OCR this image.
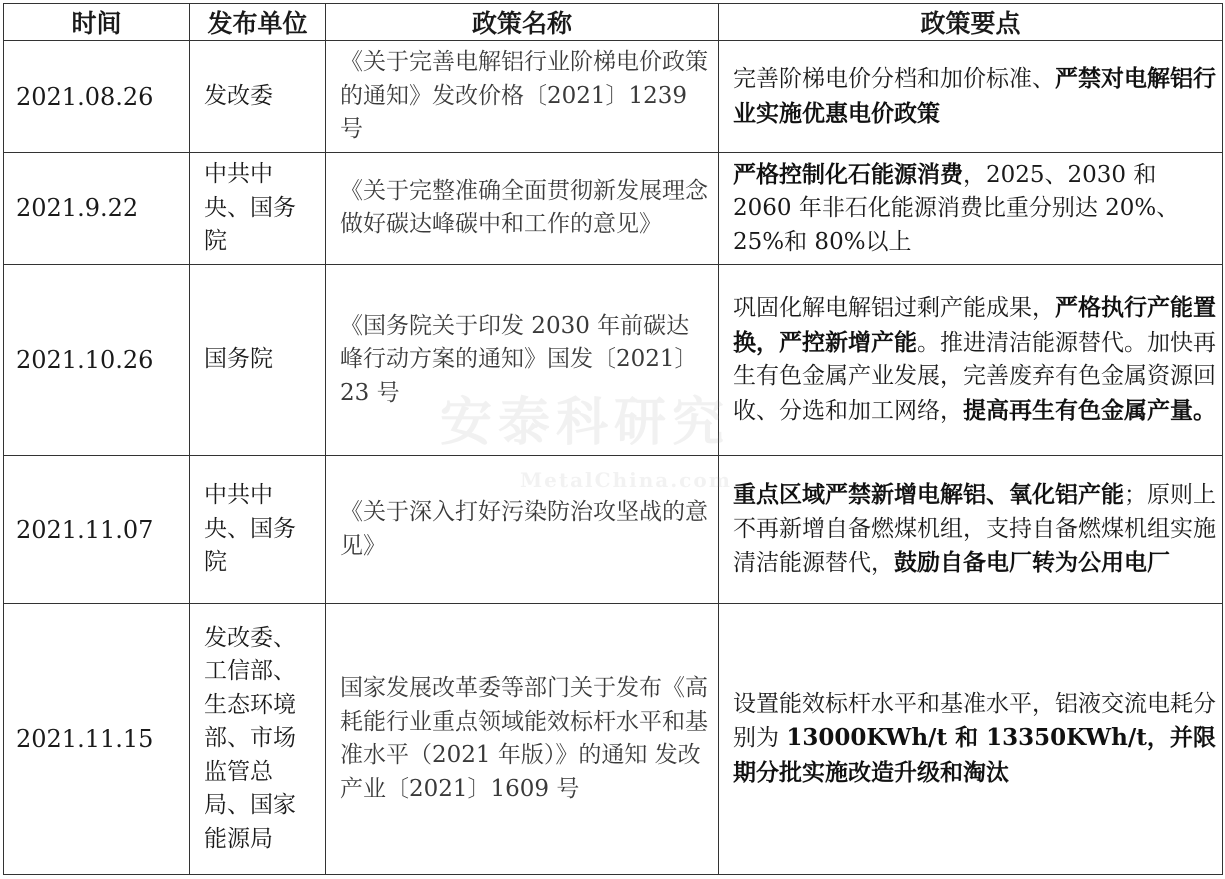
时间	发布单位	政策名称	政策要点
2021.08.26	发改委	《关于完善电解铝行业阶梯电价政策的通知》发改价格〔2021〕1239 号	完善阶梯电价分档和加价标准、严禁对电解铝行业实施优惠电价政策
2021.9.22	中共中央、国务院	《关于完整准确全面贯彻新发展理念做好碳达峰碳中和工作的意见》	严格控制化石能源消费，2025、2030 和 2060 年非石化能源消费比重分别达 20%、25%和 80%以上
2021.10.26	国务院	《国务院关于印发 2030 年前碳达峰行动方案的通知》国发〔2021〕23 号	巩固化解电解铝过剩产能成果，严格执行产能置换，严控新增产能。推进清洁能源替代。加快再生有色金属产业发展，完善废弃有色金属资源回收、分选和加工网络，提高再生有色金属产量。
2021.11.07	中共中央、国务院	《关于深入打好污染防治攻坚战的意见》	重点区域严禁新增电解铝、氧化铝产能；原则上不再新增自备燃煤机组，支持自备燃煤机组实施清洁能源替代，鼓励自备电厂转为公用电厂
2021.11.15	发改委、工信部、生态环境部、市场监管总局、国家能源局	国家发展改革委等部门关于发布《高耗能行业重点领域能效标杆水平和基准水平（2021 年版）》的通知 发改产业〔2021〕1609 号	设置能效标杆水平和基准水平，铝液交流电耗分别为 13000KWh/t 和 13350KWh/t，并限期分批实施改造升级和淘汰
安泰科研究
MetalChina.com
